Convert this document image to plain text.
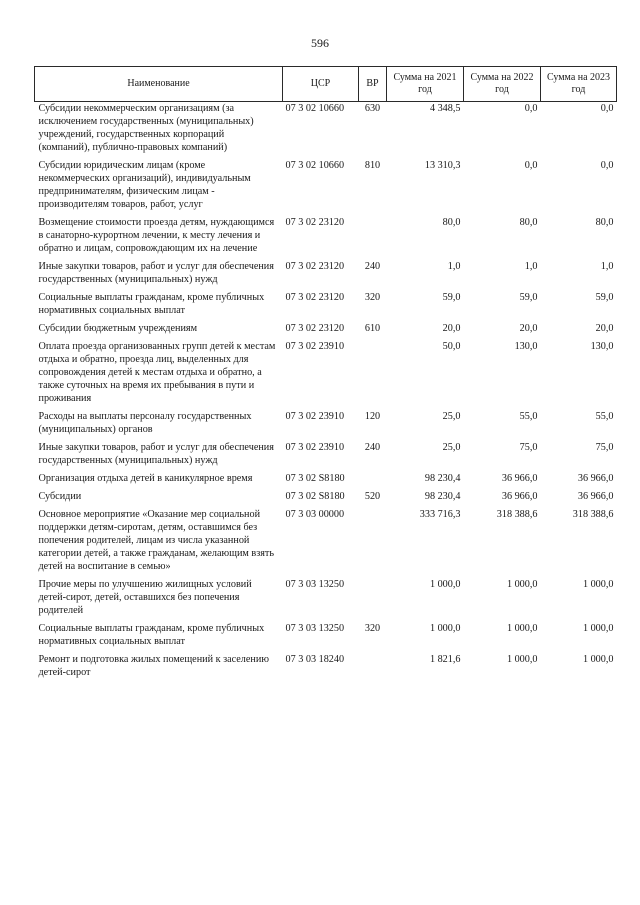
596
Наименование	ЦСР	ВР	Сумма на 2021 год	Сумма на 2022 год	Сумма на 2023 год
Субсидии некоммерческим организациям (за исключением государственных (муниципальных) учреждений, государственных корпораций (компаний), публично-правовых компаний)	07 3 02 10660	630	4 348,5	0,0	0,0
Субсидии юридическим лицам (кроме некоммерческих организаций), индивидуальным предпринимателям, физическим лицам - производителям товаров, работ, услуг	07 3 02 10660	810	13 310,3	0,0	0,0
Возмещение стоимости проезда детям, нуждающимся в санаторно-курортном лечении, к месту лечения и обратно и лицам, сопровождающим их на лечение	07 3 02 23120		80,0	80,0	80,0
Иные закупки товаров, работ и услуг для обеспечения государственных (муниципальных) нужд	07 3 02 23120	240	1,0	1,0	1,0
Социальные выплаты гражданам, кроме публичных нормативных социальных выплат	07 3 02 23120	320	59,0	59,0	59,0
Субсидии бюджетным учреждениям	07 3 02 23120	610	20,0	20,0	20,0
Оплата проезда организованных групп детей к местам отдыха и обратно, проезда лиц, выделенных для сопровождения детей к местам отдыха и обратно, а также суточных на время их пребывания в пути и проживания	07 3 02 23910		50,0	130,0	130,0
Расходы на выплаты персоналу государственных (муниципальных) органов	07 3 02 23910	120	25,0	55,0	55,0
Иные закупки товаров, работ и услуг для обеспечения государственных (муниципальных) нужд	07 3 02 23910	240	25,0	75,0	75,0
Организация отдыха детей в каникулярное время	07 3 02 S8180		98 230,4	36 966,0	36 966,0
Субсидии	07 3 02 S8180	520	98 230,4	36 966,0	36 966,0
Основное мероприятие «Оказание мер социальной поддержки детям-сиротам, детям, оставшимся без попечения родителей, лицам из числа указанной категории детей, а также гражданам, желающим взять детей на воспитание в семью»	07 3 03 00000		333 716,3	318 388,6	318 388,6
Прочие меры по улучшению жилищных условий детей-сирот, детей, оставшихся без попечения родителей	07 3 03 13250		1 000,0	1 000,0	1 000,0
Социальные выплаты гражданам, кроме публичных нормативных социальных выплат	07 3 03 13250	320	1 000,0	1 000,0	1 000,0
Ремонт и подготовка жилых помещений к заселению детей-сирот	07 3 03 18240		1 821,6	1 000,0	1 000,0
